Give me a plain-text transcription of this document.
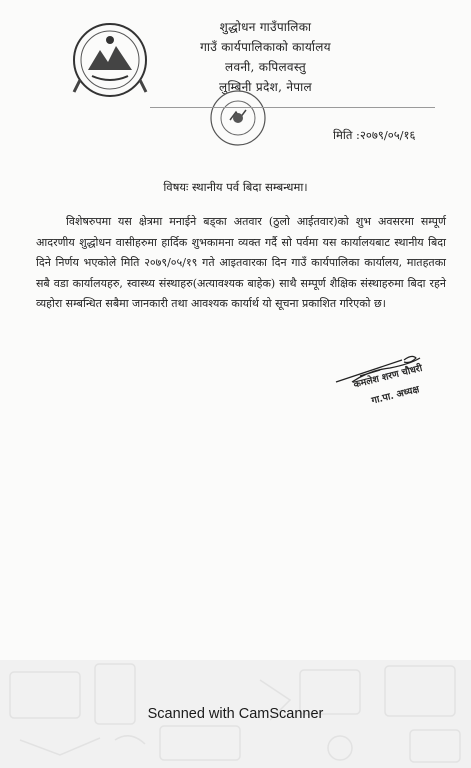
शुद्धोधन गाउँपालिका
गाउँ कार्यपालिकाको कार्यालय
लवनी, कपिलवस्तु
लुम्बिनी प्रदेश, नेपाल
मिति :२०७९/०५/१६
विषयः स्थानीय पर्व बिदा सम्बन्धमा।

विशेषरुपमा यस क्षेत्रमा मनाईने बड्का अतवार (ठुलो आईतवार)को शुभ अवसरमा सम्पूर्ण आदरणीय शुद्धोधन वासीहरुमा हार्दिक शुभकामना व्यक्त गर्दै सो पर्वमा यस कार्यालयबाट स्थानीय बिदा दिने निर्णय भएकोले मिति २०७९/०५/१९ गते आइतवारका दिन गाउँ कार्यपालिका कार्यालय, मातहतका सबै वडा कार्यालयहरु, स्वास्थ्य संस्थाहरु(अत्यावश्यक बाहेक) साथै सम्पूर्ण शैक्षिक संस्थाहरुमा बिदा रहने व्यहोरा सम्बन्धित सबैमा जानकारी तथा आवश्यक कार्यार्थ यो सूचना प्रकाशित गरिएको छ।

कमलेश शरण चौधरी
गा.पा. अध्यक्ष
Scanned with CamScanner
